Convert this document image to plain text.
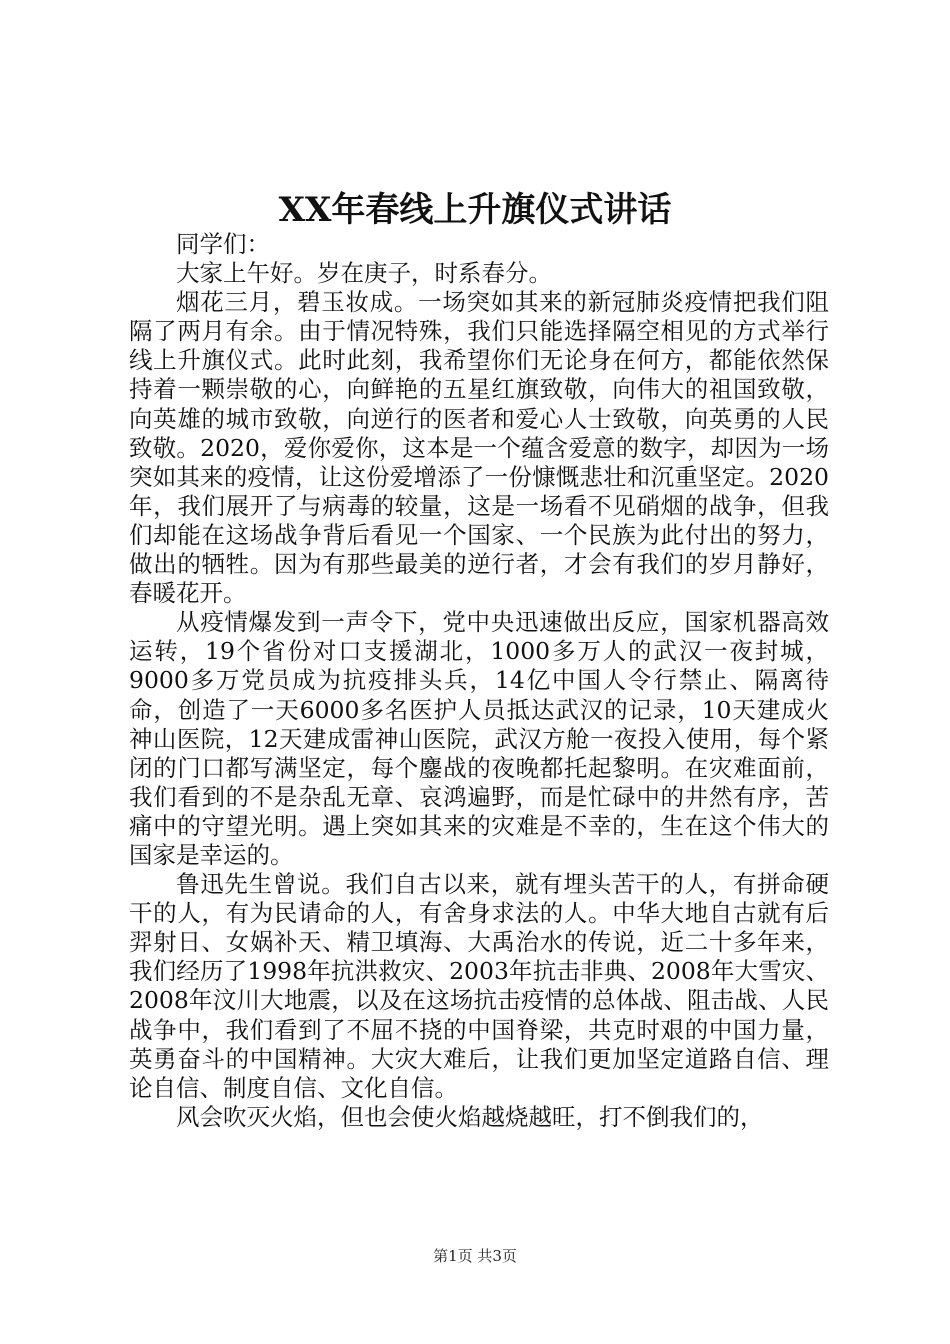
XX年春线上升旗仪式讲话

同学们：

大家上午好。岁在庚子，时系春分。

烟花三月，碧玉妆成。一场突如其来的新冠肺炎疫情把我们阻隔了两月有余。由于情况特殊，我们只能选择隔空相见的方式举行线上升旗仪式。此时此刻，我希望你们无论身在何方，都能依然保持着一颗崇敬的心，向鲜艳的五星红旗致敬，向伟大的祖国致敬，向英雄的城市致敬，向逆行的医者和爱心人士致敬，向英勇的人民致敬。2020，爱你爱你，这本是一个蕴含爱意的数字，却因为一场突如其来的疫情，让这份爱增添了一份慷慨悲壮和沉重坚定。2020年，我们展开了与病毒的较量，这是一场看不见硝烟的战争，但我们却能在这场战争背后看见一个国家、一个民族为此付出的努力，做出的牺牲。因为有那些最美的逆行者，才会有我们的岁月静好，春暖花开。

从疫情爆发到一声令下，党中央迅速做出反应，国家机器高效运转，19个省份对口支援湖北，1000多万人的武汉一夜封城，9000多万党员成为抗疫排头兵，14亿中国人令行禁止、隔离待命，创造了一天6000多名医护人员抵达武汉的记录，10天建成火神山医院，12天建成雷神山医院，武汉方舱一夜投入使用，每个紧闭的门口都写满坚定，每个鏖战的夜晚都托起黎明。在灾难面前，我们看到的不是杂乱无章、哀鸿遍野，而是忙碌中的井然有序，苦痛中的守望光明。遇上突如其来的灾难是不幸的，生在这个伟大的国家是幸运的。

鲁迅先生曾说。我们自古以来，就有埋头苦干的人，有拼命硬干的人，有为民请命的人，有舍身求法的人。中华大地自古就有后羿射日、女娲补天、精卫填海、大禹治水的传说，近二十多年来，我们经历了1998年抗洪救灾、2003年抗击非典、2008年大雪灾、2008年汶川大地震，以及在这场抗击疫情的总体战、阻击战、人民战争中，我们看到了不屈不挠的中国脊梁，共克时艰的中国力量，英勇奋斗的中国精神。大灾大难后，让我们更加坚定道路自信、理论自信、制度自信、文化自信。

风会吹灭火焰，但也会使火焰越烧越旺，打不倒我们的，

第1页 共3页
